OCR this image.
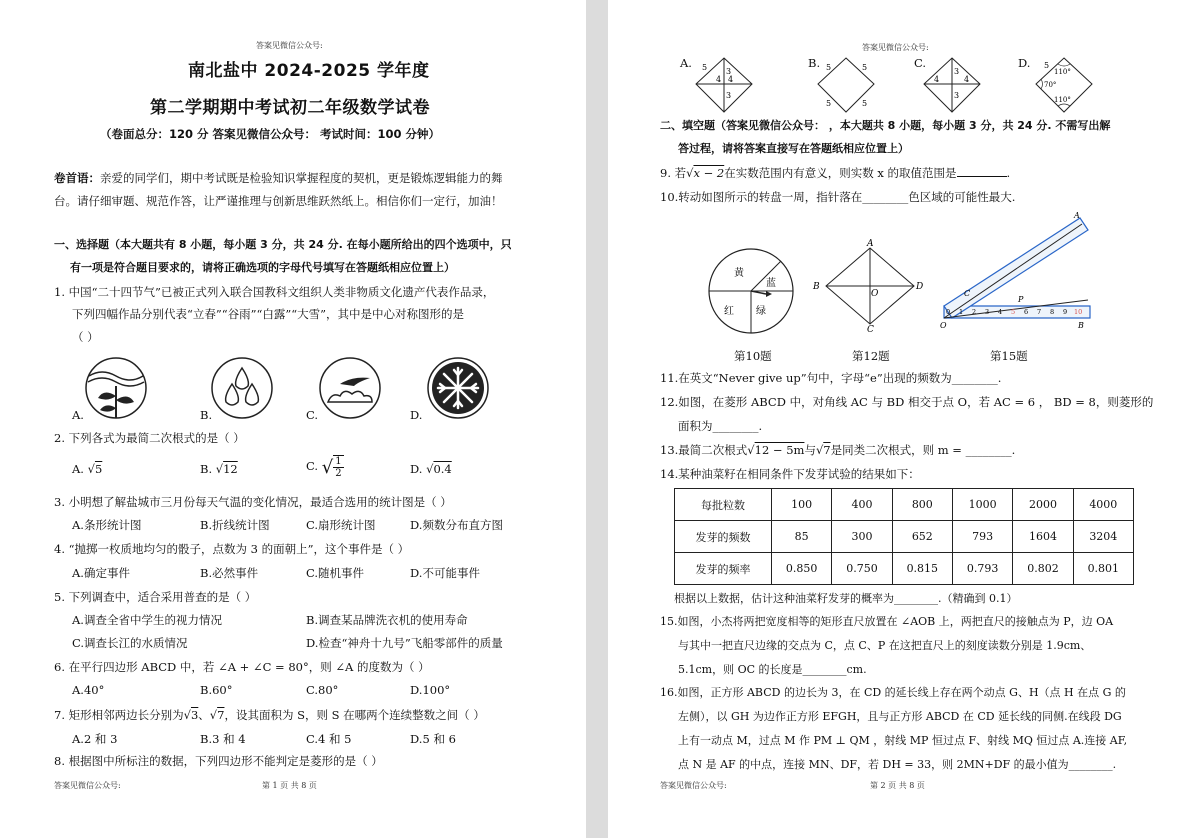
答案见微信公众号:
南北盐中 2024-2025 学年度
第二学期期中考试初二年级数学试卷
（卷面总分：120 分 答案见微信公众号： 考试时间：100 分钟）
卷首语：亲爱的同学们，期中考试既是检验知识掌握程度的契机，更是锻炼逻辑能力的舞
台。请仔细审题、规范作答，让严谨推理与创新思维跃然纸上。相信你们一定行，加油！
一、选择题（本大题共有 8 小题，每小题 3 分，共 24 分. 在每小题所给出的四个选项中，只
有一项是符合题目要求的，请将正确选项的字母代号填写在答题纸相应位置上）
1. 中国“二十四节气”已被正式列入联合国教科文组织人类非物质文化遗产代表作品录，
下列四幅作品分别代表“立春”“谷雨”“白露”“大雪”，其中是中心对称图形的是
（ ）
A.	B.	C.	D.
2. 下列各式为最简二次根式的是（ ）
A. √5	B. √12	C. √ $\frac{1}{2}$	D. √0.4
3. 小明想了解盐城市三月份每天气温的变化情况，最适合选用的统计图是（ ）
A.条形统计图	B.折线统计图	C.扇形统计图	D.频数分布直方图
4. “抛掷一枚质地均匀的骰子，点数为 3 的面朝上”，这个事件是（ ）
A.确定事件	B.必然事件	C.随机事件	D.不可能事件
5. 下列调查中，适合采用普查的是（ ）
A.调查全省中学生的视力情况	B.调查某品牌洗衣机的使用寿命
C.调查长江的水质情况	D.检查“神舟十九号”飞船零部件的质量
6. 在平行四边形 ABCD 中，若 ∠A + ∠C = 80°，则 ∠A 的度数为（ ）
A.40°	B.60°	C.80°	D.100°
7. 矩形相邻两边长分别为√3、√7，设其面积为 S，则 S 在哪两个连续整数之间（ ）
A.2 和 3	B.3 和 4	C.4 和 5	D.5 和 6
8. 根据图中所标注的数据，下列四边形不能判定是菱形的是（ ）
答案见微信公众号:	第 1 页 共 8 页
答案见微信公众号:
A. 5
4 4
3
3
B. 5	5
5	5
C.
3
3
4	4
D. 5
110°
110°
70°
二、填空题（答案见微信公众号： ，本大题共 8 小题，每小题 3 分，共 24 分. 不需写出解
答过程，请将答案直接写在答题纸相应位置上）
9. 若√x − 2在实数范围内有意义，则实数 x 的取值范围是	.
10.转动如图所示的转盘一周，指针落在________色区域的可能性最大.
黄
蓝
红 绿
A
B
O
D
C
0 1 2 3 4 5 6 7 8 9 10
A
C
P
O	B
第10题	第12题	第15题
11.在英文“Never give up”句中，字母“e”出现的频数为________.
12.如图，在菱形 ABCD 中，对角线 AC 与 BD 相交于点 O，若 AC = 6 ， BD = 8，则菱形的
面积为________.
13.最简二次根式√12 − 5m与√7是同类二次根式，则 m = ________.
14.某种油菜籽在相同条件下发芽试验的结果如下：
每批粒数	100	400	800	1000	2000	4000
发芽的频数	85	300	652	793	1604	3204
发芽的频率	0.850	0.750	0.815	0.793	0.802	0.801
根据以上数据，估计这种油菜籽发芽的概率为________.（精确到 0.1）
15.如图，小杰将两把宽度相等的矩形直尺放置在 ∠AOB 上，两把直尺的接触点为 P，边 OA
与其中一把直尺边缘的交点为 C，点 C、P 在这把直尺上的刻度读数分别是 1.9cm、
5.1cm，则 OC 的长度是________cm.
16.如图，正方形 ABCD 的边长为 3，在 CD 的延长线上存在两个动点 G、H（点 H 在点 G 的
左侧），以 GH 为边作正方形 EFGH，且与正方形 ABCD 在 CD 延长线的同侧.在线段 DG
上有一动点 M，过点 M 作 PM ⊥ QM ，射线 MP 恒过点 F、射线 MQ 恒过点 A.连接 AF,
点 N 是 AF 的中点，连接 MN、DF，若 DH = 33，则 2MN+DF 的最小值为________.
答案见微信公众号:	第 2 页 共 8 页
